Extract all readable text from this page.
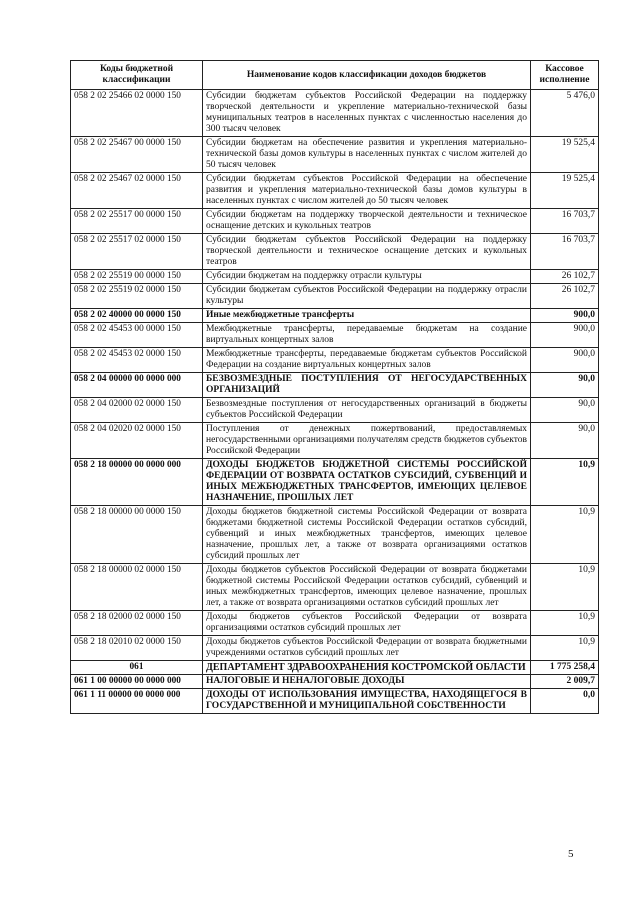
Коды бюджетной классификации	Наименование кодов классификации доходов бюджетов	Кассовое исполнение
058 2 02 25466 02 0000 150	Субсидии бюджетам субъектов Российской Федерации на поддержку творческой деятельности и укрепление материально-технической базы муниципальных театров в населенных пунктах с численностью населения до 300 тысяч человек	5 476,0
058 2 02 25467 00 0000 150	Субсидии бюджетам на обеспечение развития и укрепления материально-технической базы домов культуры в населенных пунктах с числом жителей до 50 тысяч человек	19 525,4
058 2 02 25467 02 0000 150	Субсидии бюджетам субъектов Российской Федерации на обеспечение развития и укрепления материально-технической базы домов культуры в населенных пунктах с числом жителей до 50 тысяч человек	19 525,4
058 2 02 25517 00 0000 150	Субсидии бюджетам на поддержку творческой деятельности и техническое оснащение детских и кукольных театров	16 703,7
058 2 02 25517 02 0000 150	Субсидии бюджетам субъектов Российской Федерации на поддержку творческой деятельности и техническое оснащение детских и кукольных театров	16 703,7
058 2 02 25519 00 0000 150	Субсидии бюджетам на поддержку отрасли культуры	26 102,7
058 2 02 25519 02 0000 150	Субсидии бюджетам субъектов Российской Федерации на поддержку отрасли культуры	26 102,7
058 2 02 40000 00 0000 150	Иные межбюджетные трансферты	900,0
058 2 02 45453 00 0000 150	Межбюджетные трансферты, передаваемые бюджетам на создание виртуальных концертных залов	900,0
058 2 02 45453 02 0000 150	Межбюджетные трансферты, передаваемые бюджетам субъектов Российской Федерации на создание виртуальных концертных залов	900,0
058 2 04 00000 00 0000 000	БЕЗВОЗМЕЗДНЫЕ ПОСТУПЛЕНИЯ ОТ НЕГОСУДАРСТВЕННЫХ ОРГАНИЗАЦИЙ	90,0
058 2 04 02000 02 0000 150	Безвозмездные поступления от негосударственных организаций в бюджеты субъектов Российской Федерации	90,0
058 2 04 02020 02 0000 150	Поступления от денежных пожертвований, предоставляемых негосударственными организациями получателям средств бюджетов субъектов Российской Федерации	90,0
058 2 18 00000 00 0000 000	ДОХОДЫ БЮДЖЕТОВ БЮДЖЕТНОЙ СИСТЕМЫ РОССИЙСКОЙ ФЕДЕРАЦИИ ОТ ВОЗВРАТА ОСТАТКОВ СУБСИДИЙ, СУБВЕНЦИЙ И ИНЫХ МЕЖБЮДЖЕТНЫХ ТРАНСФЕРТОВ, ИМЕЮЩИХ ЦЕЛЕВОЕ НАЗНАЧЕНИЕ, ПРОШЛЫХ ЛЕТ	10,9
058 2 18 00000 00 0000 150	Доходы бюджетов бюджетной системы Российской Федерации от возврата бюджетами бюджетной системы Российской Федерации остатков субсидий, субвенций и иных межбюджетных трансфертов, имеющих целевое назначение, прошлых лет, а также от возврата организациями остатков субсидий прошлых лет	10,9
058 2 18 00000 02 0000 150	Доходы бюджетов субъектов Российской Федерации от возврата бюджетами бюджетной системы Российской Федерации остатков субсидий, субвенций и иных межбюджетных трансфертов, имеющих целевое назначение, прошлых лет, а также от возврата организациями остатков субсидий прошлых лет	10,9
058 2 18 02000 02 0000 150	Доходы бюджетов субъектов Российской Федерации от возврата организациями остатков субсидий прошлых лет	10,9
058 2 18 02010 02 0000 150	Доходы бюджетов субъектов Российской Федерации от возврата бюджетными учреждениями остатков субсидий прошлых лет	10,9
061	ДЕПАРТАМЕНТ ЗДРАВООХРАНЕНИЯ КОСТРОМСКОЙ ОБЛАСТИ	1 775 258,4
061 1 00 00000 00 0000 000	НАЛОГОВЫЕ И НЕНАЛОГОВЫЕ ДОХОДЫ	2 009,7
061 1 11 00000 00 0000 000	ДОХОДЫ ОТ ИСПОЛЬЗОВАНИЯ ИМУЩЕСТВА, НАХОДЯЩЕГОСЯ В ГОСУДАРСТВЕННОЙ И МУНИЦИПАЛЬНОЙ СОБСТВЕННОСТИ	0,0
5
